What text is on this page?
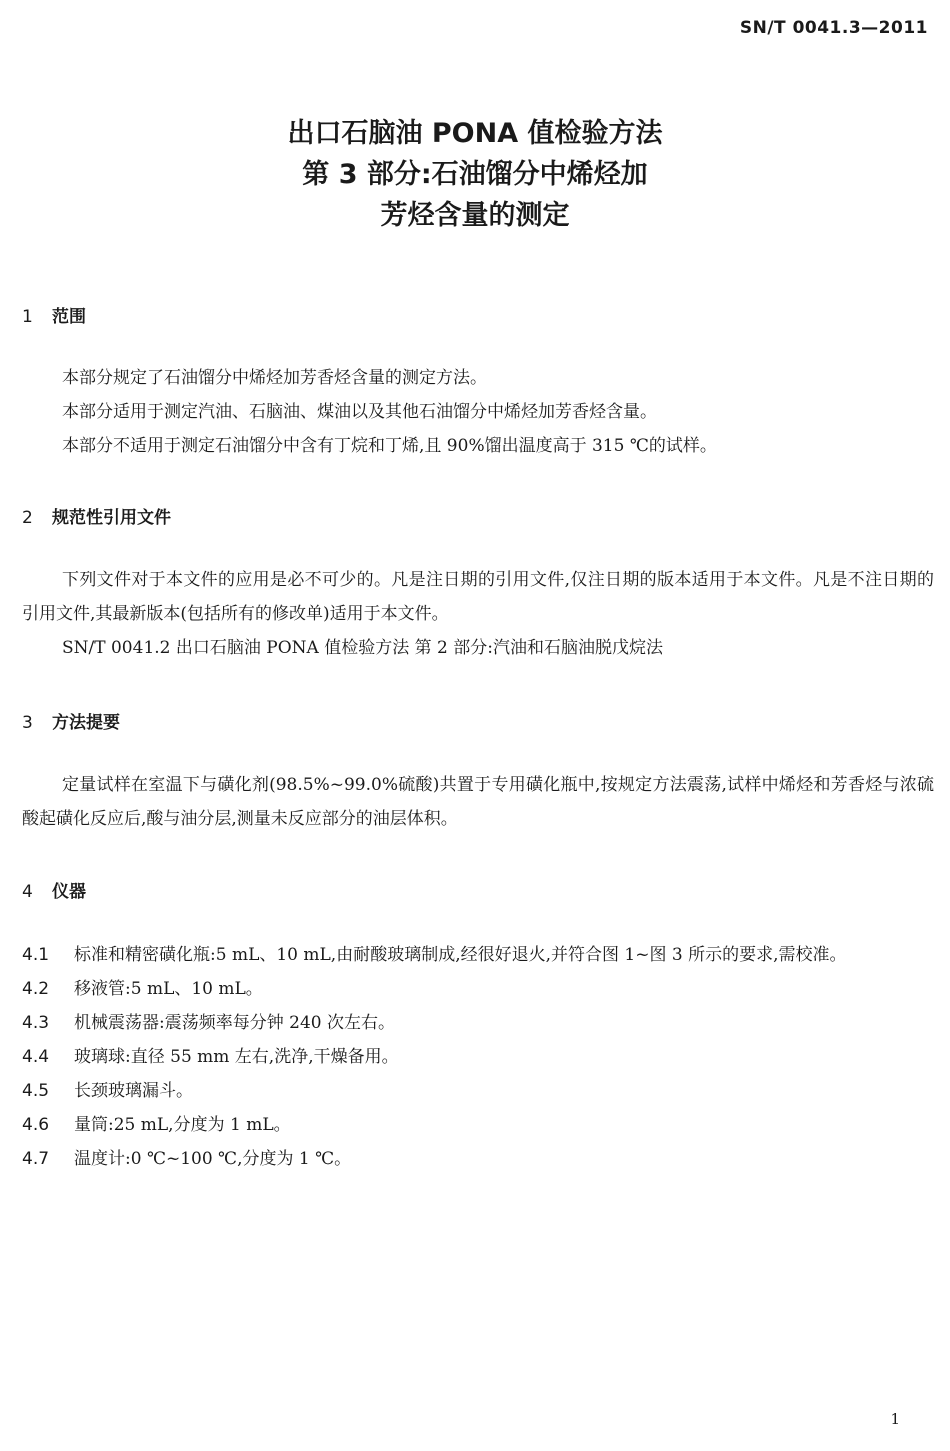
SN/T 0041.3—2011
出口石脑油 PONA 值检验方法
第 3 部分:石油馏分中烯烃加
芳烃含量的测定
1 范围

本部分规定了石油馏分中烯烃加芳香烃含量的测定方法。

本部分适用于测定汽油、石脑油、煤油以及其他石油馏分中烯烃加芳香烃含量。

本部分不适用于测定石油馏分中含有丁烷和丁烯,且 90%馏出温度高于 315 ℃的试样。

2 规范性引用文件

下列文件对于本文件的应用是必不可少的。凡是注日期的引用文件,仅注日期的版本适用于本文件。凡是不注日期的引用文件,其最新版本(包括所有的修改单)适用于本文件。

SN/T 0041.2 出口石脑油 PONA 值检验方法 第 2 部分:汽油和石脑油脱戊烷法

3 方法提要

定量试样在室温下与磺化剂(98.5%~99.0%硫酸)共置于专用磺化瓶中,按规定方法震荡,试样中烯烃和芳香烃与浓硫酸起磺化反应后,酸与油分层,测量未反应部分的油层体积。

4 仪器
4.1 标准和精密磺化瓶:5 mL、10 mL,由耐酸玻璃制成,经很好退火,并符合图 1~图 3 所示的要求,需校准。
4.2 移液管:5 mL、10 mL。
4.3 机械震荡器:震荡频率每分钟 240 次左右。
4.4 玻璃球:直径 55 mm 左右,洗净,干燥备用。
4.5 长颈玻璃漏斗。
4.6 量筒:25 mL,分度为 1 mL。
4.7 温度计:0 ℃~100 ℃,分度为 1 ℃。
1
